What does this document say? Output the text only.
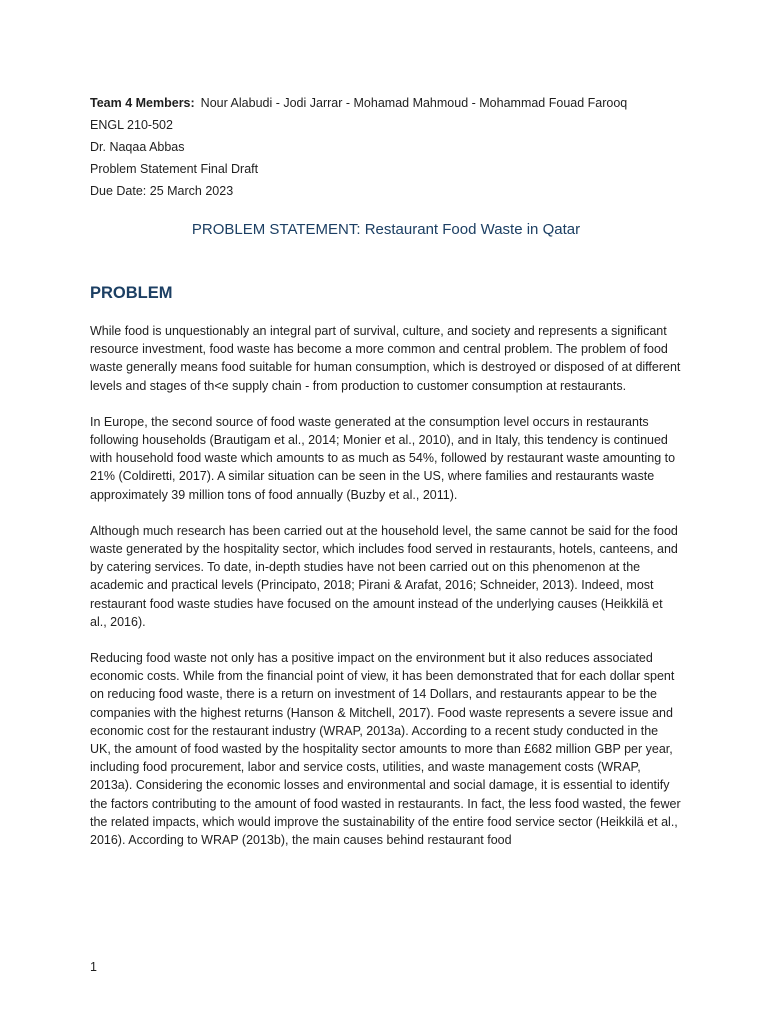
Team 4 Members: Nour Alabudi - Jodi Jarrar - Mohamad Mahmoud - Mohammad Fouad Farooq
ENGL 210-502
Dr. Naqaa Abbas
Problem Statement Final Draft
Due Date: 25 March 2023
PROBLEM STATEMENT: Restaurant Food Waste in Qatar
PROBLEM

While food is unquestionably an integral part of survival, culture, and society and represents a significant resource investment, food waste has become a more common and central problem. The problem of food waste generally means food suitable for human consumption, which is destroyed or disposed of at different levels and stages of th<e supply chain - from production to customer consumption at restaurants.

In Europe, the second source of food waste generated at the consumption level occurs in restaurants following households (Brautigam et al., 2014; Monier et al., 2010), and in Italy, this tendency is continued with household food waste which amounts to as much as 54%, followed by restaurant waste amounting to 21% (Coldiretti, 2017). A similar situation can be seen in the US, where families and restaurants waste approximately 39 million tons of food annually (Buzby et al., 2011).

Although much research has been carried out at the household level, the same cannot be said for the food waste generated by the hospitality sector, which includes food served in restaurants, hotels, canteens, and by catering services. To date, in-depth studies have not been carried out on this phenomenon at the academic and practical levels (Principato, 2018; Pirani & Arafat, 2016; Schneider, 2013). Indeed, most restaurant food waste studies have focused on the amount instead of the underlying causes (Heikkilä et al., 2016).

Reducing food waste not only has a positive impact on the environment but it also reduces associated economic costs. While from the financial point of view, it has been demonstrated that for each dollar spent on reducing food waste, there is a return on investment of 14 Dollars, and restaurants appear to be the companies with the highest returns (Hanson & Mitchell, 2017). Food waste represents a severe issue and economic cost for the restaurant industry (WRAP, 2013a). According to a recent study conducted in the UK, the amount of food wasted by the hospitality sector amounts to more than £682 million GBP per year, including food procurement, labor and service costs, utilities, and waste management costs (WRAP, 2013a). Considering the economic losses and environmental and social damage, it is essential to identify the factors contributing to the amount of food wasted in restaurants. In fact, the less food wasted, the fewer the related impacts, which would improve the sustainability of the entire food service sector (Heikkilä et al., 2016). According to WRAP (2013b), the main causes behind restaurant food

1
